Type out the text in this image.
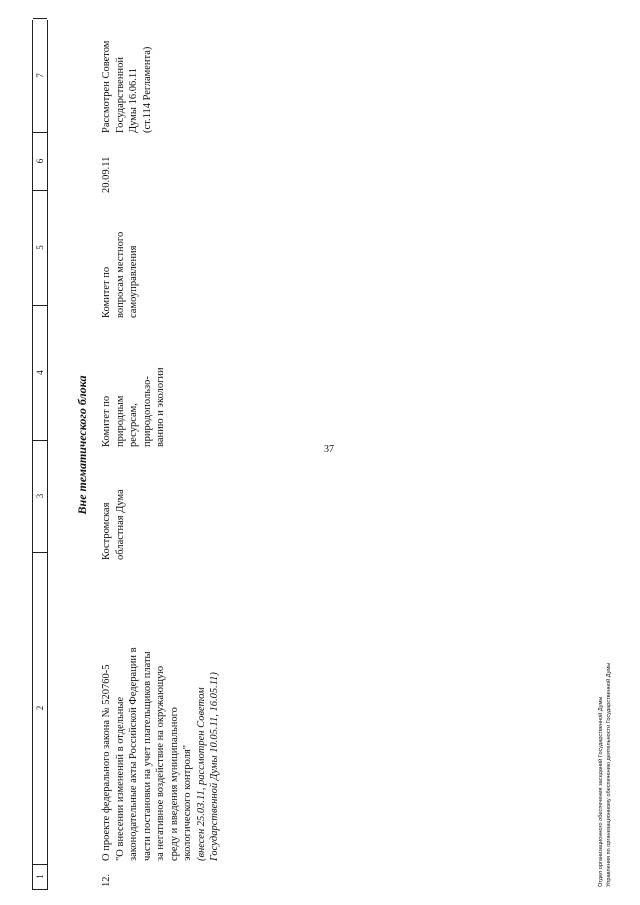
37
1
2
3
4
5
6
7
Вне тематического блока
12.
О проекте федерального закона № 520760-5 "О внесении изменений в отдельные законодательные акты Российской Федерации в части постановки на учет плательщиков платы за негативное воздействие на окружающую среду и введения муниципального экологического контроля" (внесен 25.03.11, рассмотрен Советом Государственной Думы 10.05.11, 16.05.11)
Костромская областная Дума
Комитет по природным ресурсам, природопользо- ванию и экологии
Комитет по вопросам местного самоуправления
20.09.11
Рассмотрен Советом Государственной Думы 16.06.11 (ст.114 Регламента)
Отдел организационного обеспечения заседаний Государственной Думы Управления по организационному обеспечению деятельности Государственной Думы
